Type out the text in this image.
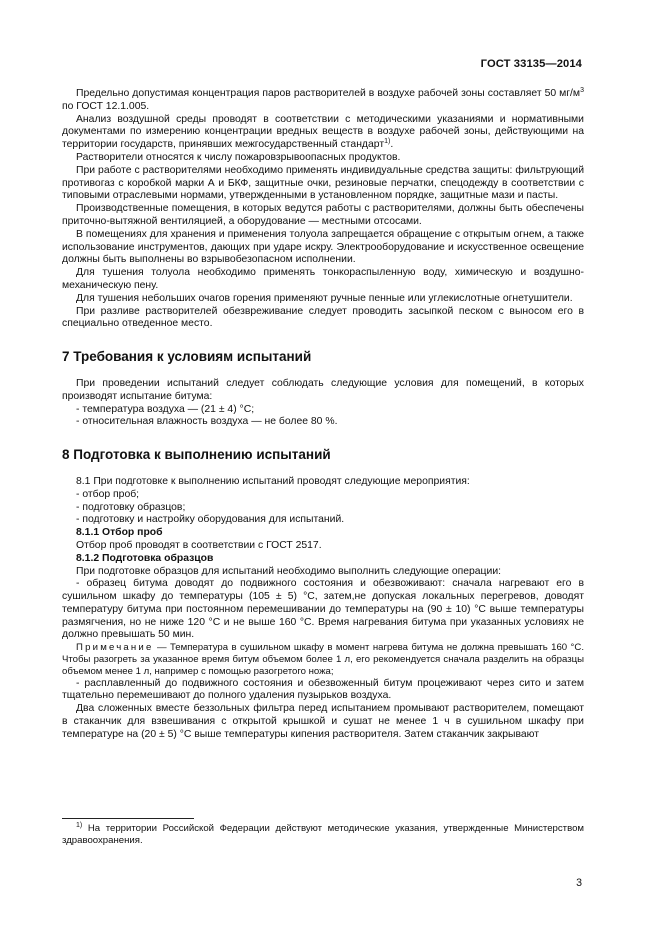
ГОСТ 33135—2014

Предельно допустимая концентрация паров растворителей в воздухе рабочей зоны составляет 50 $мг/м^3$ по ГОСТ 12.1.005.

Анализ воздушной среды проводят в соответствии с методическими указаниями и нормативными документами по измерению концентрации вредных веществ в воздухе рабочей зоны, действующими на территории государств, принявших межгосударственный стандарт$^{1)}$.

Растворители относятся к числу пожаровзрывоопасных продуктов.

При работе с растворителями необходимо применять индивидуальные средства защиты: фильтрующий противогаз с коробкой марки А и БКФ, защитные очки, резиновые перчатки, спецодежду в соответствии с типовыми отраслевыми нормами, утвержденными в установленном порядке, защитные мази и пасты.

Производственные помещения, в которых ведутся работы с растворителями, должны быть обеспечены приточно-вытяжной вентиляцией, а оборудование — местными отсосами.

В помещениях для хранения и применения толуола запрещается обращение с открытым огнем, а также использование инструментов, дающих при ударе искру. Электрооборудование и искусственное освещение должны быть выполнены во взрывобезопасном исполнении.

Для тушения толуола необходимо применять тонкораспыленную воду, химическую и воздушно-механическую пену.

Для тушения небольших очагов горения применяют ручные пенные или углекислотные огнетушители.

При разливе растворителей обезвреживание следует проводить засыпкой песком с выносом его в специально отведенное место.

7 Требования к условиям испытаний

При проведении испытаний следует соблюдать следующие условия для помещений, в которых производят испытание битума:

- температура воздуха — (21 ± 4) °С;

- относительная влажность воздуха — не более 80 %.

8 Подготовка к выполнению испытаний

8.1 При подготовке к выполнению испытаний проводят следующие мероприятия:

- отбор проб;

- подготовку образцов;

- подготовку и настройку оборудования для испытаний.

8.1.1 Отбор проб

Отбор проб проводят в соответствии с ГОСТ 2517.

8.1.2 Подготовка образцов

При подготовке образцов для испытаний необходимо выполнить следующие операции:

- образец битума доводят до подвижного состояния и обезвоживают: сначала нагревают его в сушильном шкафу до температуры (105 ± 5) °С, затем,не допуская локальных перегревов, доводят температуру битума при постоянном перемешивании до температуры на (90 ± 10) °С выше температуры размягчения, но не ниже 120 °С и не выше 160 °С. Время нагревания битума при указанных условиях не должно превышать 50 мин.

Примечание — Температура в сушильном шкафу в момент нагрева битума не должна превышать 160 °С. Чтобы разогреть за указанное время битум объемом более 1 л, его рекомендуется сначала разделить на образцы объемом менее 1 л, например с помощью разогретого ножа;

- расплавленный до подвижного состояния и обезвоженный битум процеживают через сито и затем тщательно перемешивают до полного удаления пузырьков воздуха.

Два сложенных вместе беззольных фильтра перед испытанием промывают растворителем, помещают в стаканчик для взвешивания с открытой крышкой и сушат не менее 1 ч в сушильном шкафу при температуре на (20 ± 5) °С выше температуры кипения растворителя. Затем стаканчик закрывают

$^{1)}$ На территории Российской Федерации действуют методические указания, утвержденные Министерством здравоохранения.
3
